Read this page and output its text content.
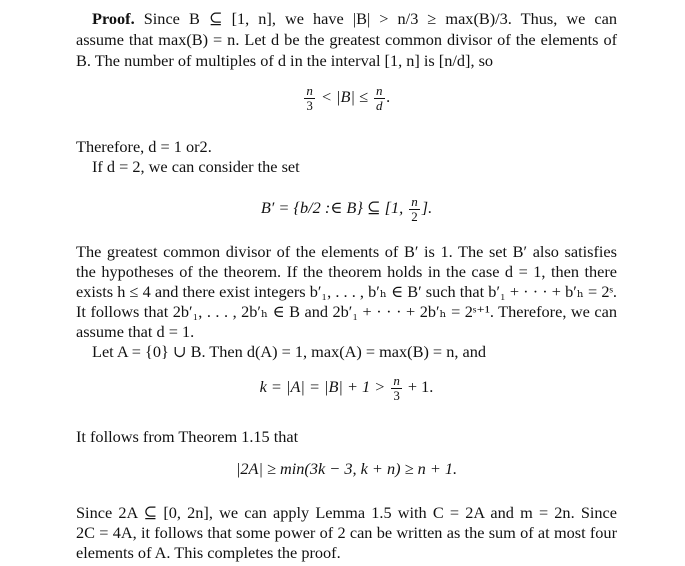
Proof. Since B ⊆ [1, n], we have |B| > n/3 ≥ max(B)/3. Thus, we can
assume that max(B) = n. Let d be the greatest common divisor of the elements of
B. The number of multiples of d in the interval [1, n] is [n/d], so
$\frac{n}{3} < |B| \le \frac{n}{d}$ .
Therefore, d = 1 or2.
If d = 2, we can consider the set
B′ = {b/2 :∈ B} ⊆ [1, $\frac{n}{2}$ ].
The greatest common divisor of the elements of B′ is 1. The set B′ also satisfies
the hypotheses of the theorem. If the theorem holds in the case d = 1, then there
exists h ≤ 4 and there exist integers b′₁, . . . , b′ₕ ∈ B′ such that b′₁ + · · · + b′ₕ = 2ˢ.
It follows that 2b′₁, . . . , 2b′ₕ ∈ B and 2b′₁ + · · · + 2b′ₕ = 2ˢ⁺¹. Therefore, we can
assume that d = 1.
Let A = {0} ∪ B. Then d(A) = 1, max(A) = max(B) = n, and
$k = |A| = |B| + 1 > \frac{n}{3} + 1$.
It follows from Theorem 1.15 that
|2A| ≥ min(3k − 3, k + n) ≥ n + 1.
Since 2A ⊆ [0, 2n], we can apply Lemma 1.5 with C = 2A and m = 2n. Since
2C = 4A, it follows that some power of 2 can be written as the sum of at most four
elements of A. This completes the proof.
